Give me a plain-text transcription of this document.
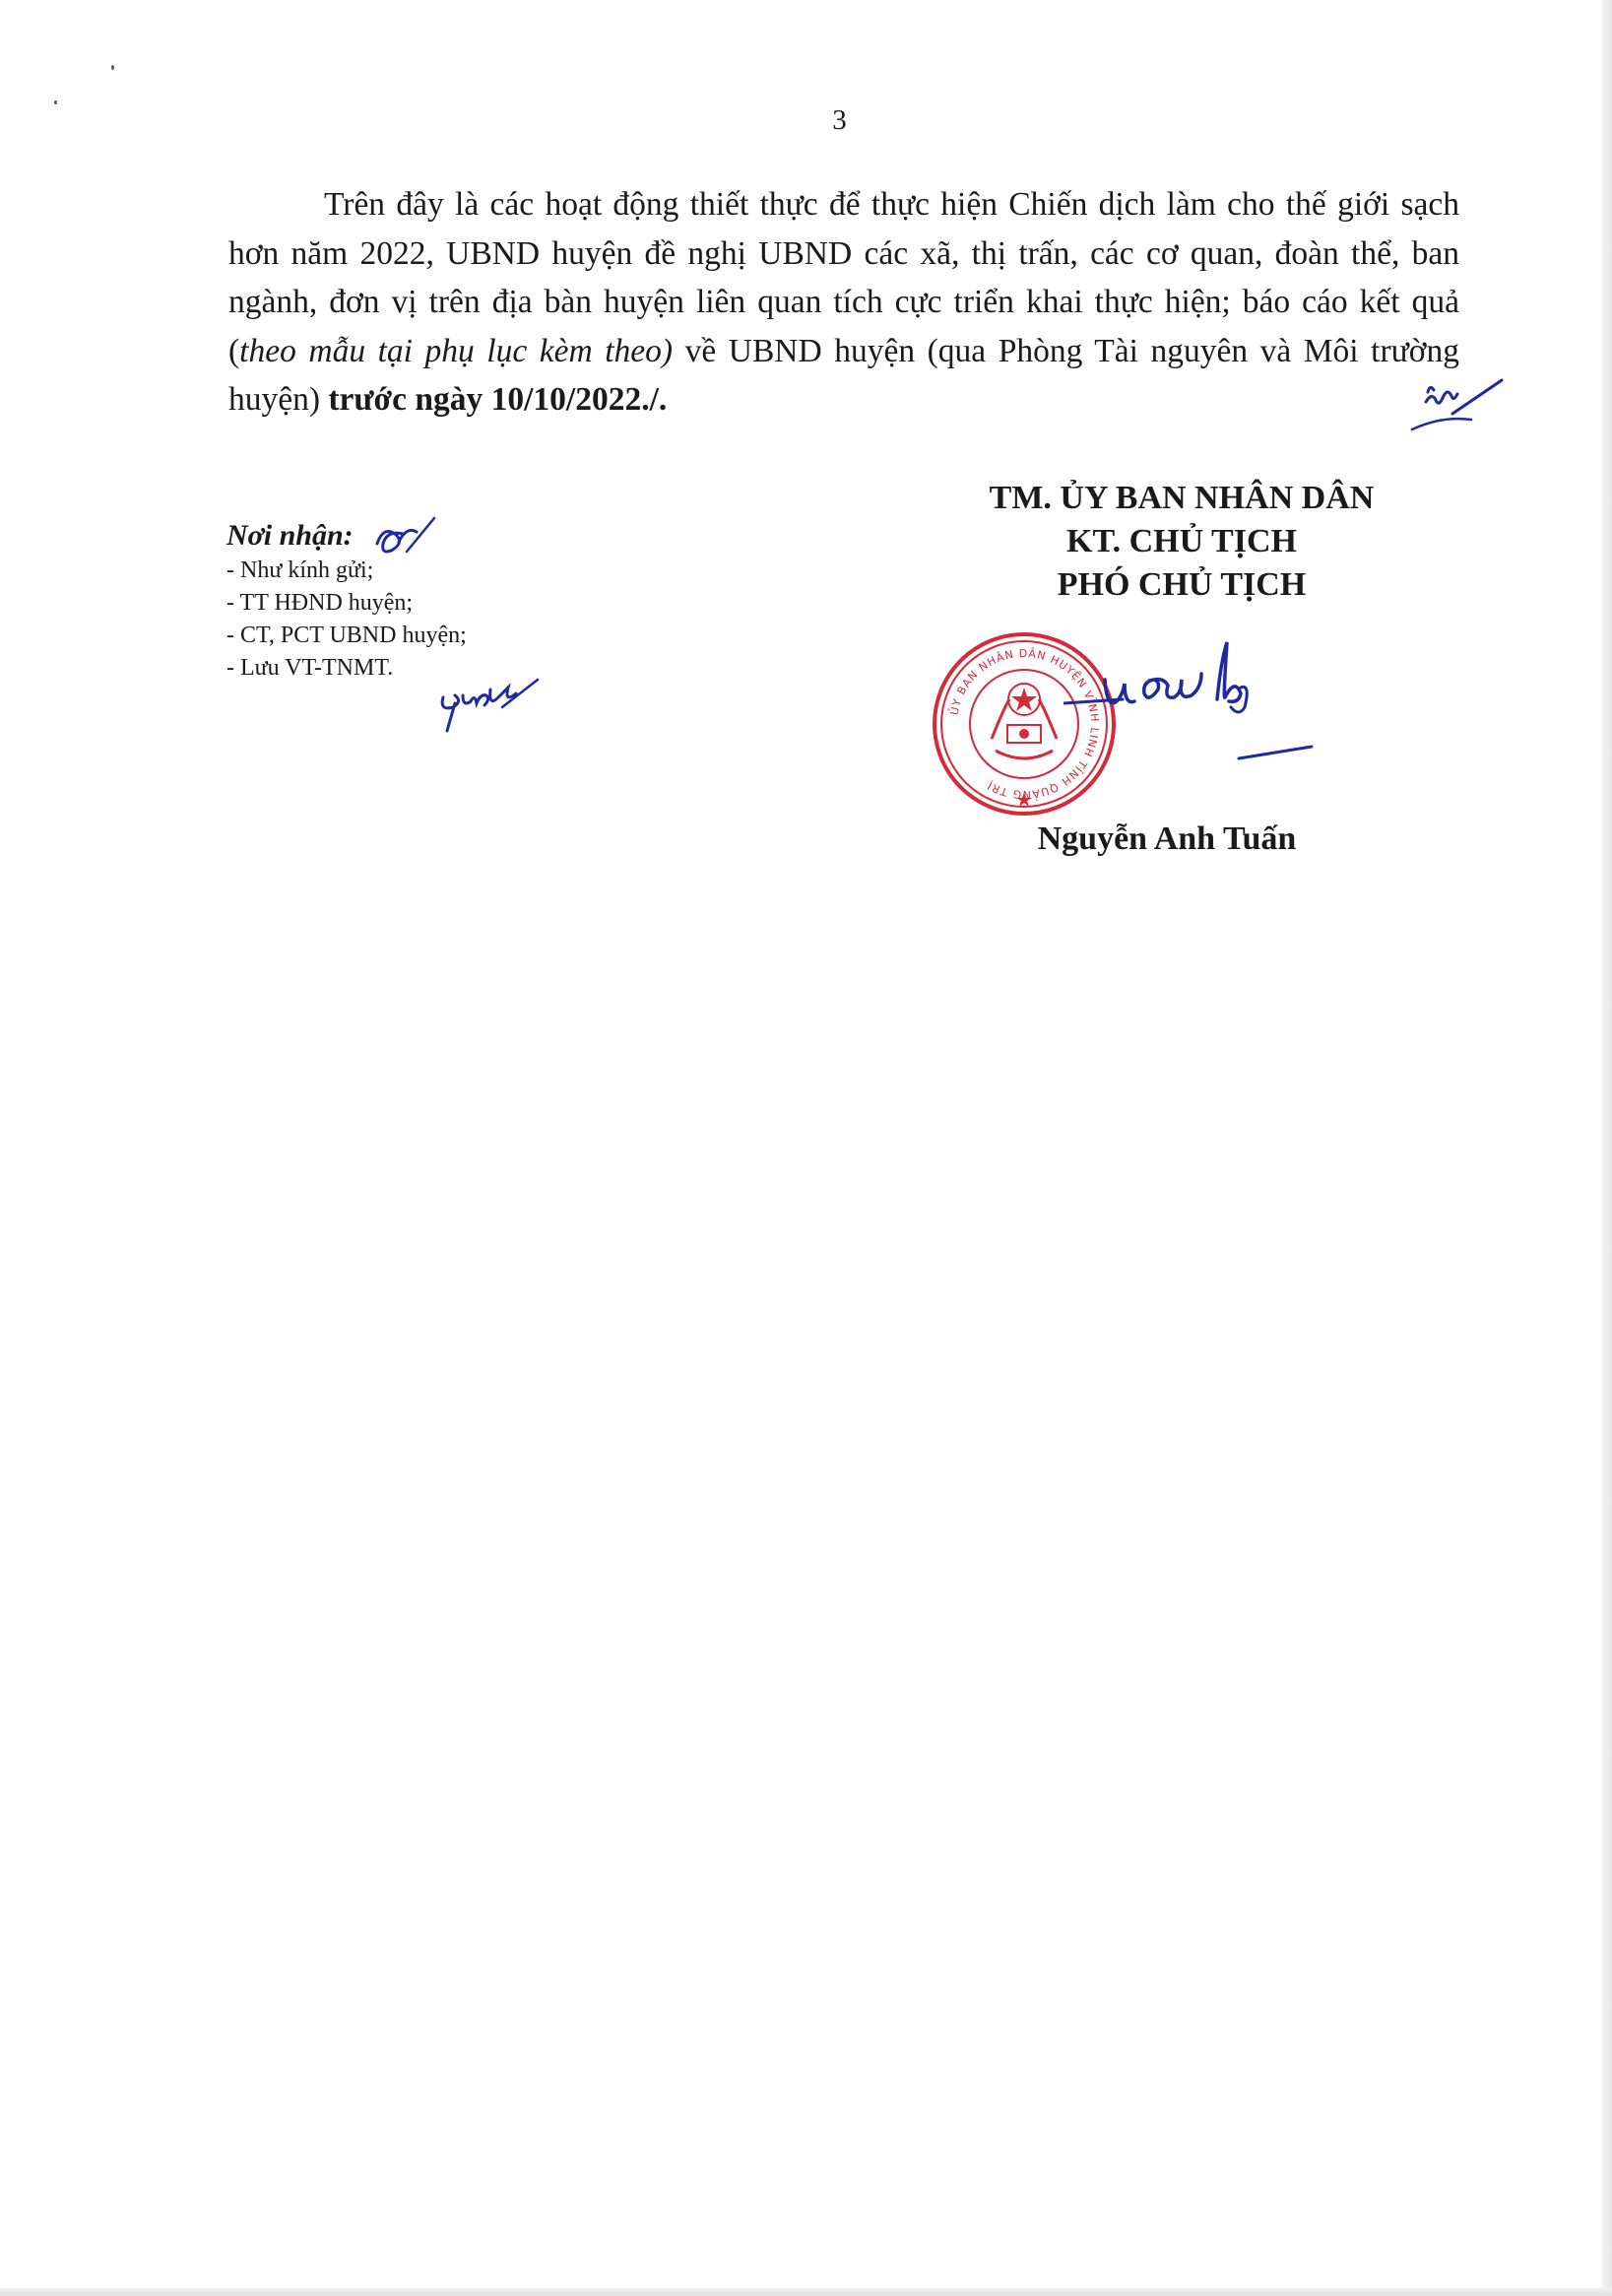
3

Trên đây là các hoạt động thiết thực để thực hiện Chiến dịch làm cho thế giới sạch hơn năm 2022, UBND huyện đề nghị UBND các xã, thị trấn, các cơ quan, đoàn thể, ban ngành, đơn vị trên địa bàn huyện liên quan tích cực triển khai thực hiện; báo cáo kết quả (theo mẫu tại phụ lục kèm theo) về UBND huyện (qua Phòng Tài nguyên và Môi trường huyện) trước ngày 10/10/2022./.

Nơi nhận:
- Như kính gửi;
- TT HĐND huyện;
- CT, PCT UBND huyện;
- Lưu VT-TNMT.
TM. ỦY BAN NHÂN DÂN
KT. CHỦ TỊCH
PHÓ CHỦ TỊCH
ỦY BAN NHÂN DÂN HUYỆN VĨNH LINH TỈNH QUẢNG TRỊ
Nguyễn Anh Tuấn
